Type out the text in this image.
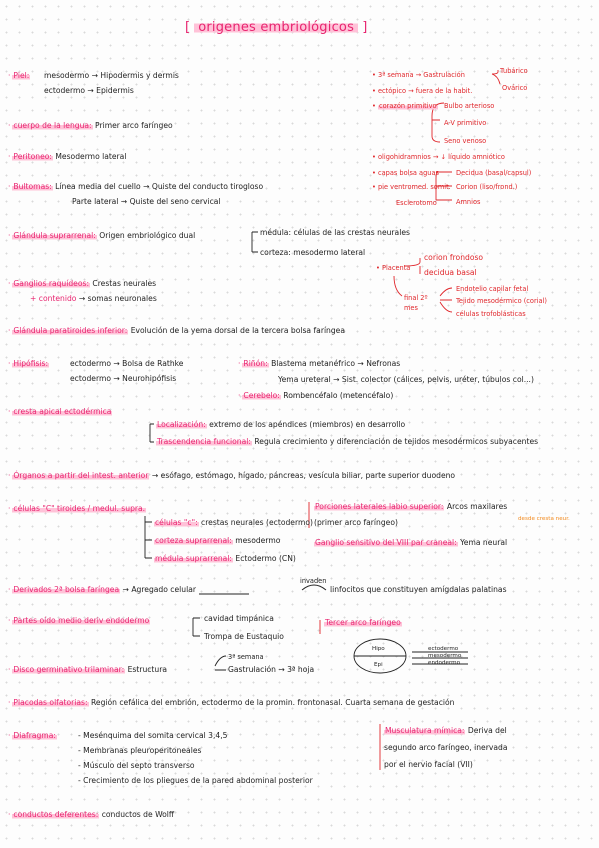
[ origenes embriológicos ]
· Piel: mesodermo → Hipodermis y dermis
ectodermo → Epidermis
· cuerpo de la lengua: Primer arco faríngeo
· Peritoneo: Mesodermo lateral
· Bultomas: Línea media del cuello → Quiste del conducto tirogloso
Parte lateral → Quiste del seno cervical
· Glándula suprarrenal: Origen embriológico dual	médula: células de las crestas neurales
corteza: mesodermo lateral
· Ganglios raquídeos: Crestas neurales
+ contenido → somas neuronales
· Glándula paratiroides inferior: Evolución de la yema dorsal de la tercera bolsa faríngea
· Hipófisis:	ectodermo → Bolsa de Rathke
ectodermo → Neurohipófisis
· Riñón: Blastema metanéfrico → Nefronas
Yema ureteral → Sist. colector (cálices, pelvis, uréter, túbulos col...)
· Cerebelo: Rombencéfalo (metencéfalo)
· cresta apical ectodérmica
Localización: extremo de los apéndices (miembros) en desarrollo
Trascendencia funcional: Regula crecimiento y diferenciación de tejidos mesodérmicos subyacentes
· Órganos a partir del intest. anterior → esófago, estómago, hígado, páncreas, vesícula biliar, parte superior duodeno
· células "C" tiroides / medul. supra.
células "c": crestas neurales (ectodermo)
corteza suprarrenal: mesodermo
médula suprarrenal: Ectodermo (CN)
Porciones laterales labio superior: Arcos maxilares
(primer arco faríngeo)	desde cresta neur.
Ganglio sensitivo del VIII par craneal: Yema neural
· Derivados 2ª bolsa faríngea → Agregado celular
invaden
linfocitos que constituyen amígdalas palatinas
· Partes oído medio deriv endodermo	cavidad timpánica
Trompa de Eustaquio
Tercer arco faríngeo
· Disco germinativo trilaminar: Estructura
3ª semana
Gastrulación → 3ª hoja
Hipo
Epi
ectodermo
mesodermo
endodermo
· Placodas olfatorias: Región cefálica del embrión, ectodermo de la promin. frontonasal. Cuarta semana de gestación
· Diafragma:	- Mesénquima del somita cervical 3,4,5
- Membranas pleuroperitoneales
- Músculo del septo transverso
- Crecimiento de los pliegues de la pared abdominal posterior
Musculatura mímica: Deriva del
segundo arco faríngeo, inervada
por el nervio facial (VII)
· conductos deferentes: conductos de Wolff
• 3ª semana → Gastrulación	Tubárico
Ovárico
• ectópico → fuera de la habit.
• corazón primitivo Bulbo arterioso
A-V primitivo
Seno venoso
• oligohidramnios → ↓ líquido amniótico
• capas bolsa aguas	Decidua (basal/capsul)
Corion (liso/frond.)
Amnios
• pie ventromed. somit.
Esclerotomo
• Placenta
corion frondoso
decidua basal
final 2º
mes
Endotelio capilar fetal
Tejido mesodérmico (corial)
células trofoblásticas
